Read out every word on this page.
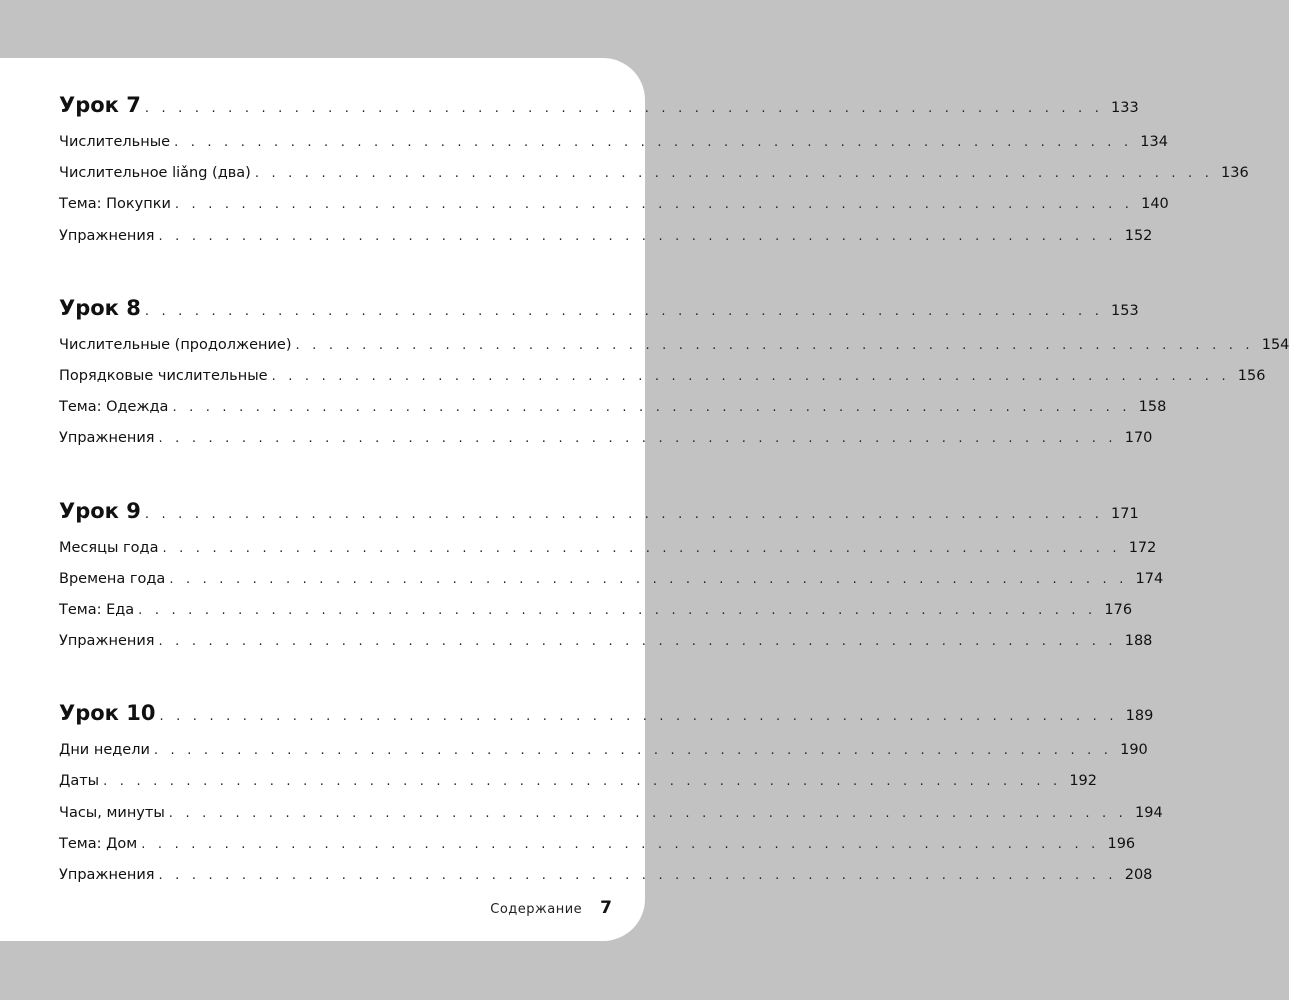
Урок 7 . . . . . . . . . . . . . . . . . . . . . . . . . . . . . . . . . . . . . . . . . . . . . . . . . . . . . . . . . . 133
Числительные . . . . . . . . . . . . . . . . . . . . . . . . . . . . . . . . . . . . . . . . . . . . . . . . . . . . . . . . . . 134
Числительное liǎng (два) . . . . . . . . . . . . . . . . . . . . . . . . . . . . . . . . . . . . . . . . . . . . . . . . . . . . . . . . . . 136
Тема: Покупки . . . . . . . . . . . . . . . . . . . . . . . . . . . . . . . . . . . . . . . . . . . . . . . . . . . . . . . . . . 140
Упражнения . . . . . . . . . . . . . . . . . . . . . . . . . . . . . . . . . . . . . . . . . . . . . . . . . . . . . . . . . . 152
Урок 8 . . . . . . . . . . . . . . . . . . . . . . . . . . . . . . . . . . . . . . . . . . . . . . . . . . . . . . . . . . 153
Числительные (продолжение) . . . . . . . . . . . . . . . . . . . . . . . . . . . . . . . . . . . . . . . . . . . . . . . . . . . . . . . . . . 154
Порядковые числительные . . . . . . . . . . . . . . . . . . . . . . . . . . . . . . . . . . . . . . . . . . . . . . . . . . . . . . . . . . 156
Тема: Одежда . . . . . . . . . . . . . . . . . . . . . . . . . . . . . . . . . . . . . . . . . . . . . . . . . . . . . . . . . . 158
Упражнения . . . . . . . . . . . . . . . . . . . . . . . . . . . . . . . . . . . . . . . . . . . . . . . . . . . . . . . . . . 170
Урок 9 . . . . . . . . . . . . . . . . . . . . . . . . . . . . . . . . . . . . . . . . . . . . . . . . . . . . . . . . . . 171
Месяцы года . . . . . . . . . . . . . . . . . . . . . . . . . . . . . . . . . . . . . . . . . . . . . . . . . . . . . . . . . . 172
Времена года . . . . . . . . . . . . . . . . . . . . . . . . . . . . . . . . . . . . . . . . . . . . . . . . . . . . . . . . . . 174
Тема: Еда . . . . . . . . . . . . . . . . . . . . . . . . . . . . . . . . . . . . . . . . . . . . . . . . . . . . . . . . . . 176
Упражнения . . . . . . . . . . . . . . . . . . . . . . . . . . . . . . . . . . . . . . . . . . . . . . . . . . . . . . . . . . 188
Урок 10 . . . . . . . . . . . . . . . . . . . . . . . . . . . . . . . . . . . . . . . . . . . . . . . . . . . . . . . . . . 189
Дни недели . . . . . . . . . . . . . . . . . . . . . . . . . . . . . . . . . . . . . . . . . . . . . . . . . . . . . . . . . . 190
Даты . . . . . . . . . . . . . . . . . . . . . . . . . . . . . . . . . . . . . . . . . . . . . . . . . . . . . . . . . . 192
Часы, минуты . . . . . . . . . . . . . . . . . . . . . . . . . . . . . . . . . . . . . . . . . . . . . . . . . . . . . . . . . . 194
Тема: Дом . . . . . . . . . . . . . . . . . . . . . . . . . . . . . . . . . . . . . . . . . . . . . . . . . . . . . . . . . . 196
Упражнения . . . . . . . . . . . . . . . . . . . . . . . . . . . . . . . . . . . . . . . . . . . . . . . . . . . . . . . . . . 208
Содержание 7
